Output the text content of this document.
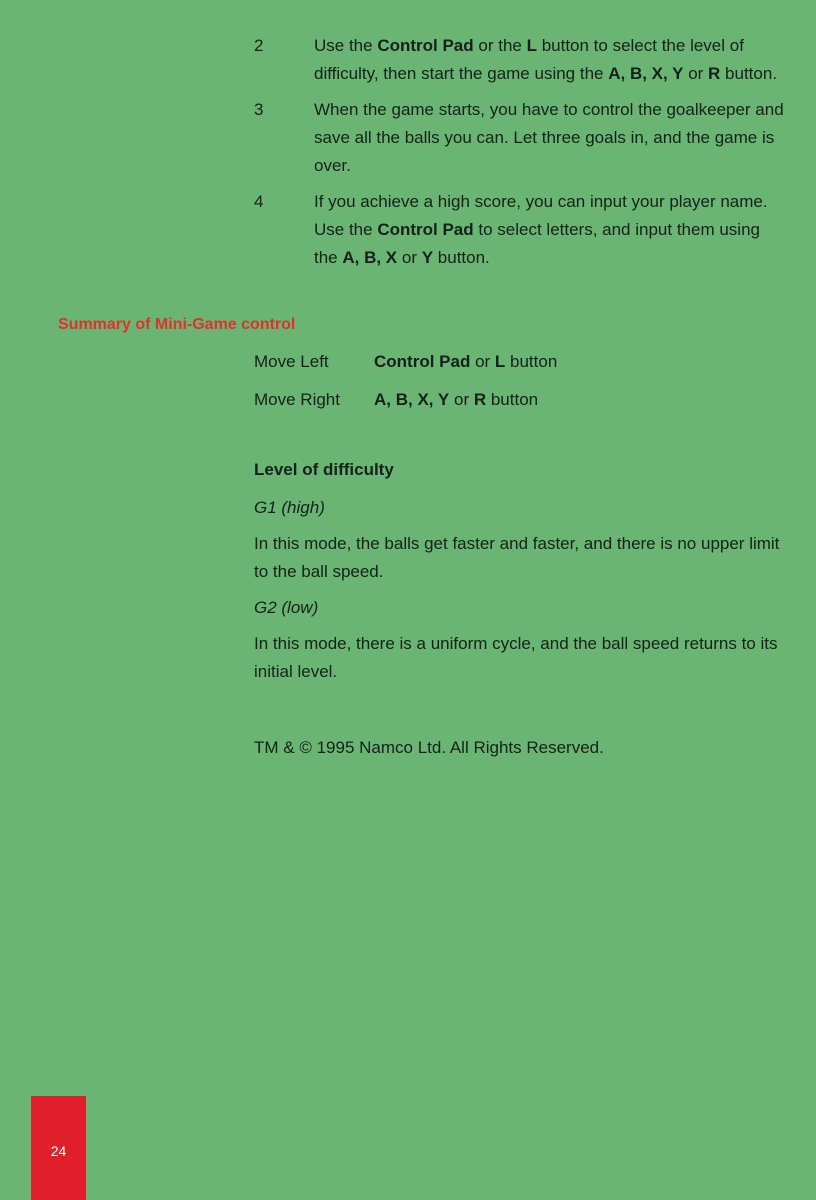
2	Use the Control Pad or the L button to select the level of difficulty, then start the game using the A, B, X, Y or R button.
3	When the game starts, you have to control the goalkeeper and save all the balls you can. Let three goals in, and the game is over.
4	If you achieve a high score, you can input your player name. Use the Control Pad to select letters, and input them using the A, B, X or Y button.
Summary of Mini-Game control
Move Left	Control Pad or L button
Move Right	A, B, X, Y or R button
Level of difficulty
G1 (high)
In this mode, the balls get faster and faster, and there is no upper limit to the ball speed.
G2 (low)
In this mode, there is a uniform cycle, and the ball speed returns to its initial level.
TM & © 1995 Namco Ltd. All Rights Reserved.
24
